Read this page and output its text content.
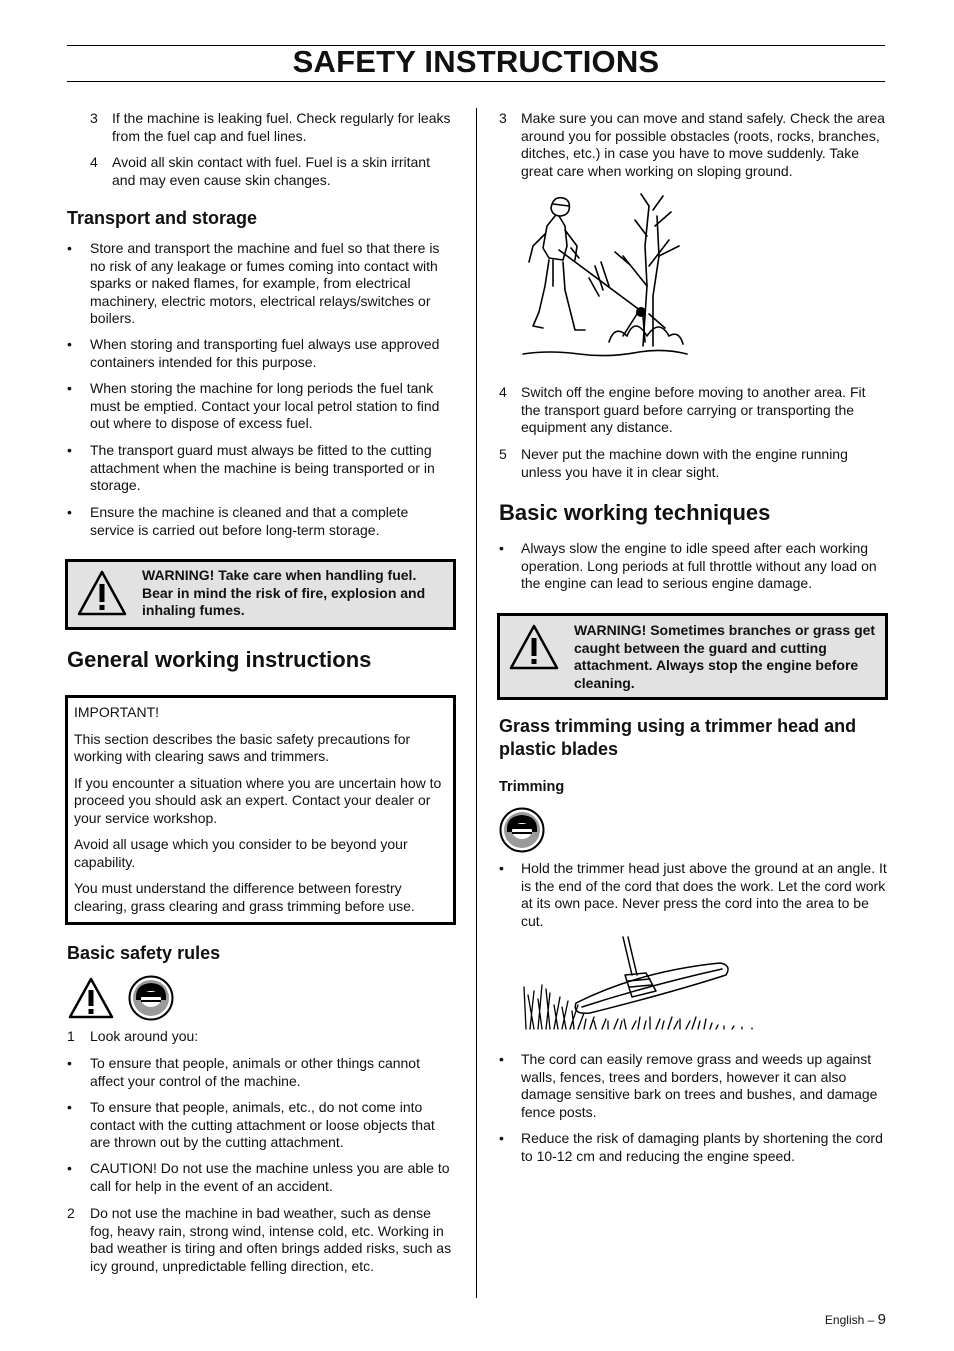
SAFETY INSTRUCTIONS
3	If the machine is leaking fuel. Check regularly for leaks from the fuel cap and fuel lines.
4	Avoid all skin contact with fuel. Fuel is a skin irritant and may even cause skin changes.
Transport and storage
•	Store and transport the machine and fuel so that there is no risk of any leakage or fumes coming into contact with sparks or naked flames, for example, from electrical machinery, electric motors, electrical relays/switches or boilers.
•	When storing and transporting fuel always use approved containers intended for this purpose.
•	When storing the machine for long periods the fuel tank must be emptied. Contact your local petrol station to find out where to dispose of excess fuel.
•	The transport guard must always be fitted to the cutting attachment when the machine is being transported or in storage.
•	Ensure the machine is cleaned and that a complete service is carried out before long-term storage.
WARNING! Take care when handling fuel. Bear in mind the risk of fire, explosion and inhaling fumes.
General working instructions

IMPORTANT!

This section describes the basic safety precautions for working with clearing saws and trimmers.

If you encounter a situation where you are uncertain how to proceed you should ask an expert. Contact your dealer or your service workshop.

Avoid all usage which you consider to be beyond your capability.

You must understand the difference between forestry clearing, grass clearing and grass trimming before use.

Basic safety rules
1	Look around you:
•	To ensure that people, animals or other things cannot affect your control of the machine.
•	To ensure that people, animals, etc., do not come into contact with the cutting attachment or loose objects that are thrown out by the cutting attachment.
•	CAUTION! Do not use the machine unless you are able to call for help in the event of an accident.
2	Do not use the machine in bad weather, such as dense fog, heavy rain, strong wind, intense cold, etc. Working in bad weather is tiring and often brings added risks, such as icy ground, unpredictable felling direction, etc.
3	Make sure you can move and stand safely. Check the area around you for possible obstacles (roots, rocks, branches, ditches, etc.) in case you have to move suddenly. Take great care when working on sloping ground.
4	Switch off the engine before moving to another area. Fit the transport guard before carrying or transporting the equipment any distance.
5	Never put the machine down with the engine running unless you have it in clear sight.
Basic working techniques
•	Always slow the engine to idle speed after each working operation. Long periods at full throttle without any load on the engine can lead to serious engine damage.
WARNING! Sometimes branches or grass get caught between the guard and cutting attachment. Always stop the engine before cleaning.
Grass trimming using a trimmer head and plastic blades
Trimming
•	Hold the trimmer head just above the ground at an angle. It is the end of the cord that does the work. Let the cord work at its own pace. Never press the cord into the area to be cut.
•	The cord can easily remove grass and weeds up against walls, fences, trees and borders, however it can also damage sensitive bark on trees and bushes, and damage fence posts.
•	Reduce the risk of damaging plants by shortening the cord to 10-12 cm and reducing the engine speed.
English – 9
